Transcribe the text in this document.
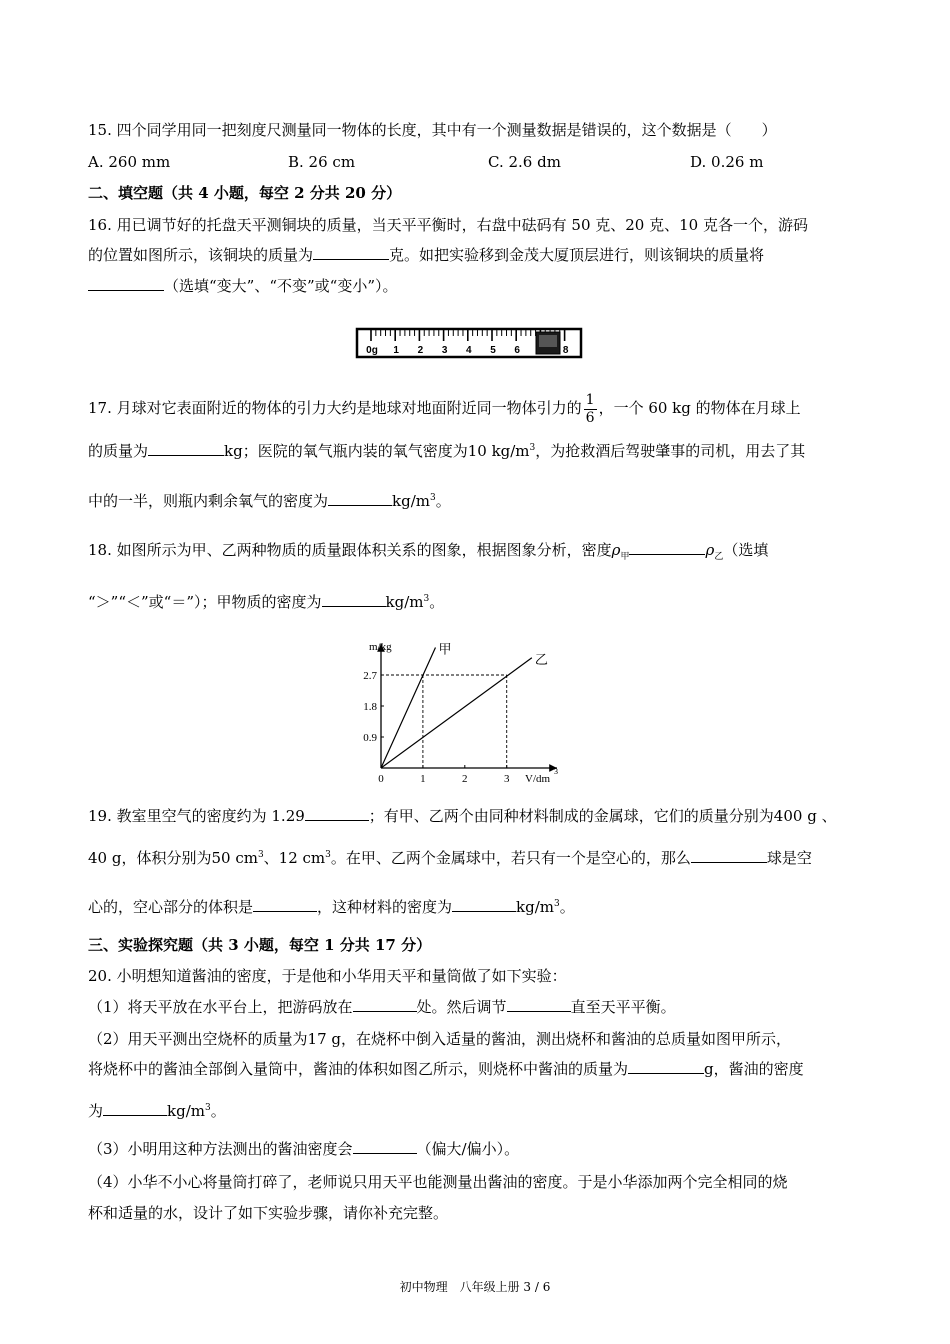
15. 四个同学用同一把刻度尺测量同一物体的长度，其中有一个测量数据是错误的，这个数据是（　　）
A. 260 mm	B. 26 cm	C. 2.6 dm	D. 0.26 m
二、填空题（共 4 小题，每空 2 分共 20 分）
16. 用已调节好的托盘天平测铜块的质量，当天平平衡时，右盘中砝码有 50 克、20 克、10 克各一个，游码
的位置如图所示，该铜块的质量为	克。如把实验移到金茂大厦顶层进行，则该铜块的质量将
（选填“变大”、“不变”或“变小”）。
0g 1 2 3 4 5 6	8
17. 月球对它表面附近的物体的引力大约是地球对地面附近同一物体引力的 $\frac{1}{6}$ ，一个 60 kg 的物体在月球上
的质量为	kg；医院的氧气瓶内装的氧气密度为10 $kg/m^3$，为抢救酒后驾驶肇事的司机，用去了其
中的一半，则瓶内剩余氧气的密度为	$kg/m^3$。
18. 如图所示为甲、乙两种物质的质量跟体积关系的图象，根据图象分析，密度$\rho_甲$	$\rho_乙$（选填
“＞”“＜”或“＝”）；甲物质的密度为	$kg/m^3$。
甲
乙
0	1	2	3
0.9
1.8
2.7
m/kg
V/dm
3
19. 教室里空气的密度约为 1.29	；有甲、乙两个由同种材料制成的金属球，它们的质量分别为400 g 、
40 g，体积分别为50 $cm^3$、12 $cm^3$。在甲、乙两个金属球中，若只有一个是空心的，那么	球是空
心的，空心部分的体积是	，这种材料的密度为	$kg/m^3$。
三、实验探究题（共 3 小题，每空 1 分共 17 分）
20. 小明想知道酱油的密度，于是他和小华用天平和量筒做了如下实验：
（1）将天平放在水平台上，把游码放在	处。然后调节	直至天平平衡。
（2）用天平测出空烧杯的质量为17 g，在烧杯中倒入适量的酱油，测出烧杯和酱油的总质量如图甲所示，
将烧杯中的酱油全部倒入量筒中，酱油的体积如图乙所示，则烧杯中酱油的质量为	g，酱油的密度
为	$kg/m^3$。
（3）小明用这种方法测出的酱油密度会	（偏大/偏小）。
（4）小华不小心将量筒打碎了，老师说只用天平也能测量出酱油的密度。于是小华添加两个完全相同的烧
杯和适量的水，设计了如下实验步骤，请你补充完整。
初中物理　八年级上册 3 / 6
